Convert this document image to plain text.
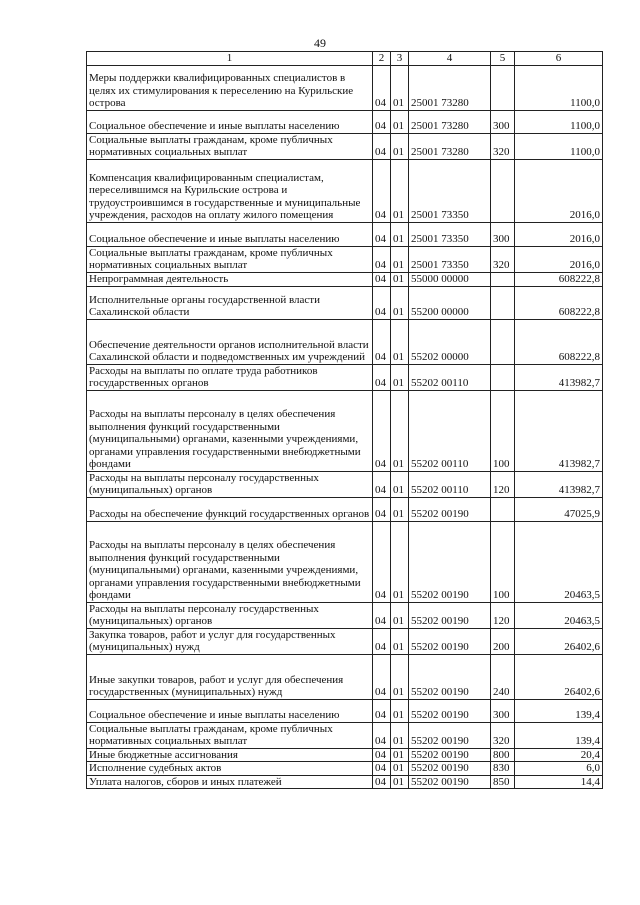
49
1	2	3	4	5	6
Меры поддержки квалифицированных специалистов в целях их стимулирования к переселению на Курильские острова	04	01	25001 73280		1100,0
Социальное обеспечение и иные выплаты населению	04	01	25001 73280	300	1100,0
Социальные выплаты гражданам, кроме публичных нормативных социальных выплат	04	01	25001 73280	320	1100,0
Компенсация квалифицированным специалистам, переселившимся на Курильские острова и трудоустроившимся в государственные и муниципальные учреждения, расходов на оплату жилого помещения	04	01	25001 73350		2016,0
Социальное обеспечение и иные выплаты населению	04	01	25001 73350	300	2016,0
Социальные выплаты гражданам, кроме публичных нормативных социальных выплат	04	01	25001 73350	320	2016,0
Непрограммная деятельность	04	01	55000 00000		608222,8
Исполнительные органы государственной власти Сахалинской области	04	01	55200 00000		608222,8
Обеспечение деятельности органов исполнительной власти Сахалинской области и подведомственных им учреждений	04	01	55202 00000		608222,8
Расходы на выплаты по оплате труда работников государственных органов	04	01	55202 00110		413982,7
Расходы на выплаты персоналу в целях обеспечения выполнения функций государственными (муниципальными) органами, казенными учреждениями, органами управления государственными внебюджетными фондами	04	01	55202 00110	100	413982,7
Расходы на выплаты персоналу государственных (муниципальных) органов	04	01	55202 00110	120	413982,7
Расходы на обеспечение функций государственных органов	04	01	55202 00190		47025,9
Расходы на выплаты персоналу в целях обеспечения выполнения функций государственными (муниципальными) органами, казенными учреждениями, органами управления государственными внебюджетными фондами	04	01	55202 00190	100	20463,5
Расходы на выплаты персоналу государственных (муниципальных) органов	04	01	55202 00190	120	20463,5
Закупка товаров, работ и услуг для государственных (муниципальных) нужд	04	01	55202 00190	200	26402,6
Иные закупки товаров, работ и услуг для обеспечения государственных (муниципальных) нужд	04	01	55202 00190	240	26402,6
Социальное обеспечение и иные выплаты населению	04	01	55202 00190	300	139,4
Социальные выплаты гражданам, кроме публичных нормативных социальных выплат	04	01	55202 00190	320	139,4
Иные бюджетные ассигнования	04	01	55202 00190	800	20,4
Исполнение судебных актов	04	01	55202 00190	830	6,0
Уплата налогов, сборов и иных платежей	04	01	55202 00190	850	14,4
